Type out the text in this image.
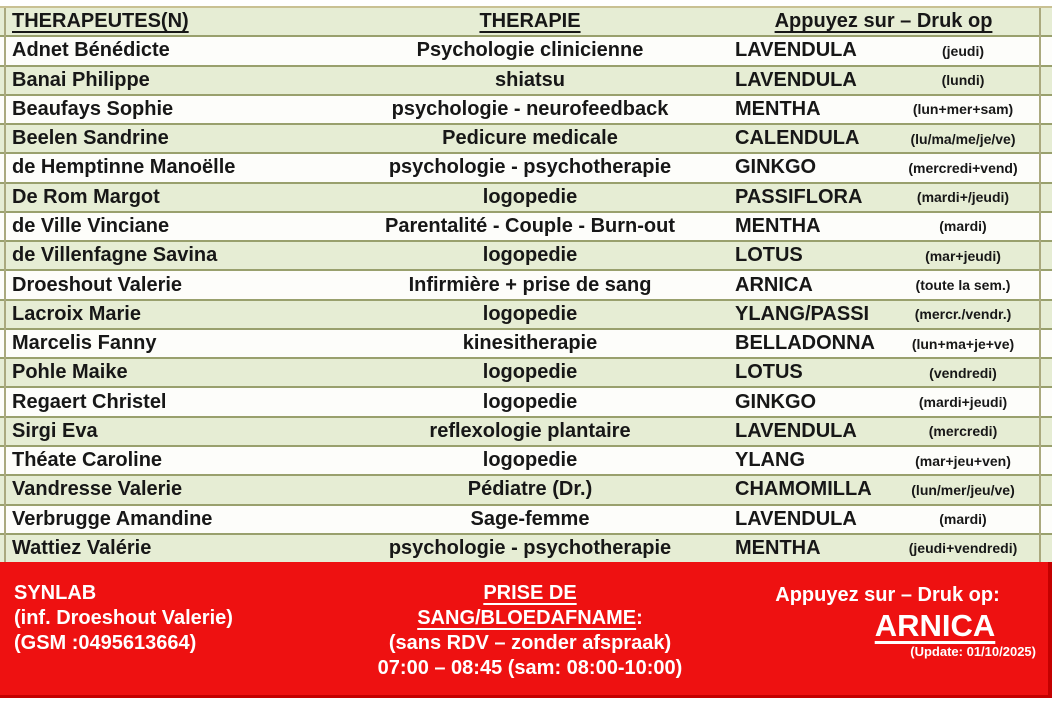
THERAPEUTES(N)	THERAPIE	Appuyez sur – Druk op
Adnet Bénédicte	Psychologie clinicienne	LAVENDULA	(jeudi)
Banai Philippe	shiatsu	LAVENDULA	(lundi)
Beaufays Sophie	psychologie - neurofeedback	MENTHA	(lun+mer+sam)
Beelen Sandrine	Pedicure medicale	CALENDULA	(lu/ma/me/je/ve)
de Hemptinne Manoëlle	psychologie - psychotherapie	GINKGO	(mercredi+vend)
De Rom Margot	logopedie	PASSIFLORA	(mardi+/jeudi)
de Ville Vinciane	Parentalité - Couple - Burn-out	MENTHA	(mardi)
de Villenfagne Savina	logopedie	LOTUS	(mar+jeudi)
Droeshout Valerie	Infirmière + prise de sang	ARNICA	(toute la sem.)
Lacroix Marie	logopedie	YLANG/PASSI	(mercr./vendr.)
Marcelis Fanny	kinesitherapie	BELLADONNA	(lun+ma+je+ve)
Pohle Maike	logopedie	LOTUS	(vendredi)
Regaert Christel	logopedie	GINKGO	(mardi+jeudi)
Sirgi Eva	reflexologie plantaire	LAVENDULA	(mercredi)
Théate Caroline	logopedie	YLANG	(mar+jeu+ven)
Vandresse Valerie	Pédiatre (Dr.)	CHAMOMILLA	(lun/mer/jeu/ve)
Verbrugge Amandine	Sage-femme	LAVENDULA	(mardi)
Wattiez Valérie	psychologie - psychotherapie	MENTHA	(jeudi+vendredi)
SYNLAB
(inf. Droeshout Valerie)
(GSM :0495613664)
PRISE DE
SANG/BLOEDAFNAME:
(sans RDV – zonder afspraak)
07:00 – 08:45 (sam: 08:00-10:00)
Appuyez sur – Druk op:
ARNICA
(Update: 01/10/2025)
